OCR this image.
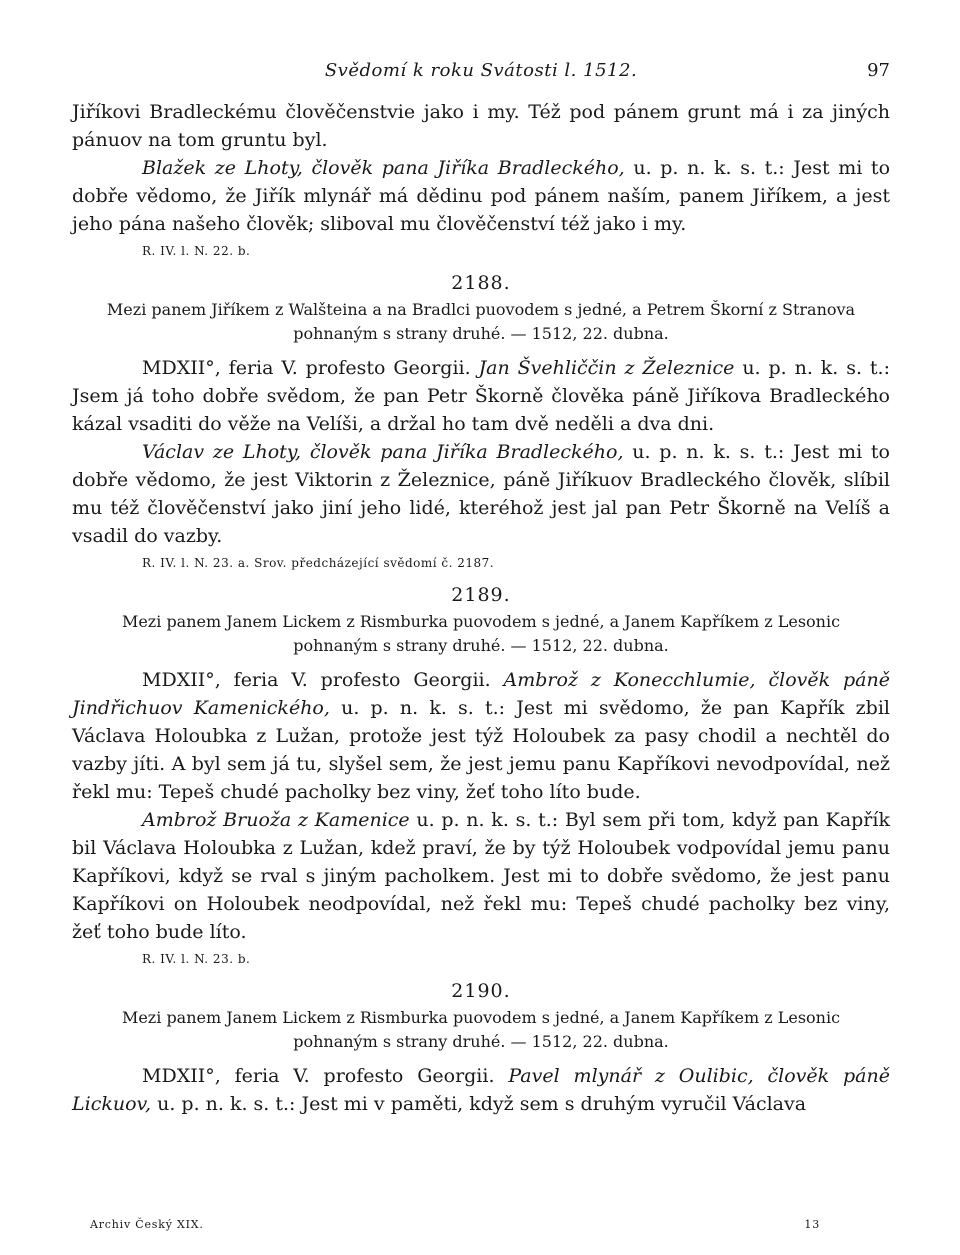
Svědomí k roku Svátosti l. 1512.	97

Jiříkovi Bradleckému člověčenstvie jako i my. Též pod pánem grunt má i za jiných pánuov na tom gruntu byl.

Blažek ze Lhoty, člověk pana Jiříka Bradleckého, u. p. n. k. s. t.: Jest mi to dobře vědomo, že Jiřík mlynář má dědinu pod pánem naším, panem Jiříkem, a jest jeho pána našeho člověk; sliboval mu člověčenství též jako i my.

R. IV. l. N. 22. b.
2188.
Mezi panem Jiříkem z Walšteina a na Bradlci puovodem s jedné, a Petrem Škorní z Stranova
pohnaným s strany druhé. — 1512, 22. dubna.

MDXII°, feria V. profesto Georgii. Jan Švehliččin z Železnice u. p. n. k. s. t.: Jsem já toho dobře svědom, že pan Petr Škorně člověka páně Jiříkova Bradleckého kázal vsaditi do věže na Velíši, a držal ho tam dvě neděli a dva dni.

Václav ze Lhoty, člověk pana Jiříka Bradleckého, u. p. n. k. s. t.: Jest mi to dobře vědomo, že jest Viktorin z Železnice, páně Jiříkuov Bradleckého člověk, slíbil mu též člověčenství jako jiní jeho lidé, kteréhož jest jal pan Petr Škorně na Velíš a vsadil do vazby.

R. IV. l. N. 23. a. Srov. předcházející svědomí č. 2187.
2189.
Mezi panem Janem Lickem z Rismburka puovodem s jedné, a Janem Kapříkem z Lesonic
pohnaným s strany druhé. — 1512, 22. dubna.

MDXII°, feria V. profesto Georgii. Ambrož z Konecchlumie, člověk páně Jindřichuov Kamenického, u. p. n. k. s. t.: Jest mi svědomo, že pan Kapřík zbil Václava Holoubka z Lužan, protože jest týž Holoubek za pasy chodil a nechtěl do vazby jíti. A byl sem já tu, slyšel sem, že jest jemu panu Kapříkovi nevodpovídal, než řekl mu: Tepeš chudé pacholky bez viny, žeť toho líto bude.

Ambrož Bruoža z Kamenice u. p. n. k. s. t.: Byl sem při tom, když pan Kapřík bil Václava Holoubka z Lužan, kdež praví, že by týž Holoubek vodpovídal jemu panu Kapříkovi, když se rval s jiným pacholkem. Jest mi to dobře svědomo, že jest panu Kapříkovi on Holoubek neodpovídal, než řekl mu: Tepeš chudé pacholky bez viny, žeť toho bude líto.

R. IV. l. N. 23. b.
2190.
Mezi panem Janem Lickem z Rismburka puovodem s jedné, a Janem Kapříkem z Lesonic
pohnaným s strany druhé. — 1512, 22. dubna.

MDXII°, feria V. profesto Georgii. Pavel mlynář z Oulibic, člověk páně Lickuov, u. p. n. k. s. t.: Jest mi v paměti, když sem s druhým vyručil Václava

Archiv Český XIX.	13
